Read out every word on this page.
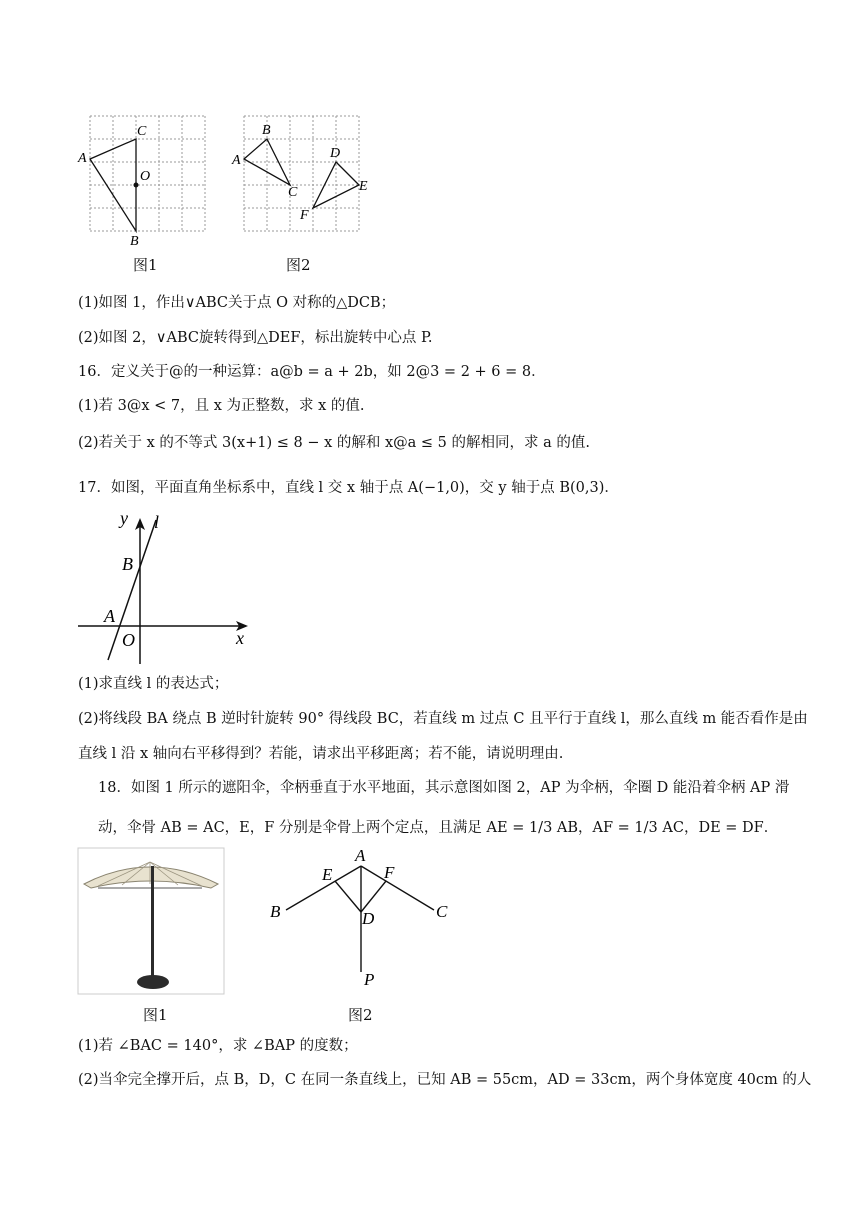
A
C
O
B
图1
A
B
C
D
E
F
图2
(1)如图 1，作出∨ABC关于点 O 对称的△DCB；
(2)如图 2，∨ABC旋转得到△DEF，标出旋转中心点 P.
16．定义关于@的一种运算：a@b = a + 2b，如 2@3 = 2 + 6 = 8．
(1)若 3@x < 7，且 x 为正整数，求 x 的值.
(2)若关于 x 的不等式 3(x+1) ≤ 8 − x 的解和 x@a ≤ 5 的解相同，求 a 的值.
17．如图，平面直角坐标系中，直线 l 交 x 轴于点 A(−1,0)，交 y 轴于点 B(0,3)．
y l
B
A
O	x
(1)求直线 l 的表达式；
(2)将线段 BA 绕点 B 逆时针旋转 90° 得线段 BC，若直线 m 过点 C 且平行于直线 l，那么直线 m 能否看作是由
直线 l 沿 x 轴向右平移得到？若能，请求出平移距离；若不能，请说明理由.
18．如图 1 所示的遮阳伞，伞柄垂直于水平地面，其示意图如图 2，AP 为伞柄，伞圈 D 能沿着伞柄 AP 滑
动，伞骨 AB = AC，E，F 分别是伞骨上两个定点，且满足 AE = 1/3 AB，AF = 1/3 AC，DE = DF．
图1
A
E	F
B	C
D
P
图2
(1)若 ∠BAC = 140°，求 ∠BAP 的度数；
(2)当伞完全撑开后，点 B，D，C 在同一条直线上，已知 AB = 55cm，AD = 33cm，两个身体宽度 40cm 的人
